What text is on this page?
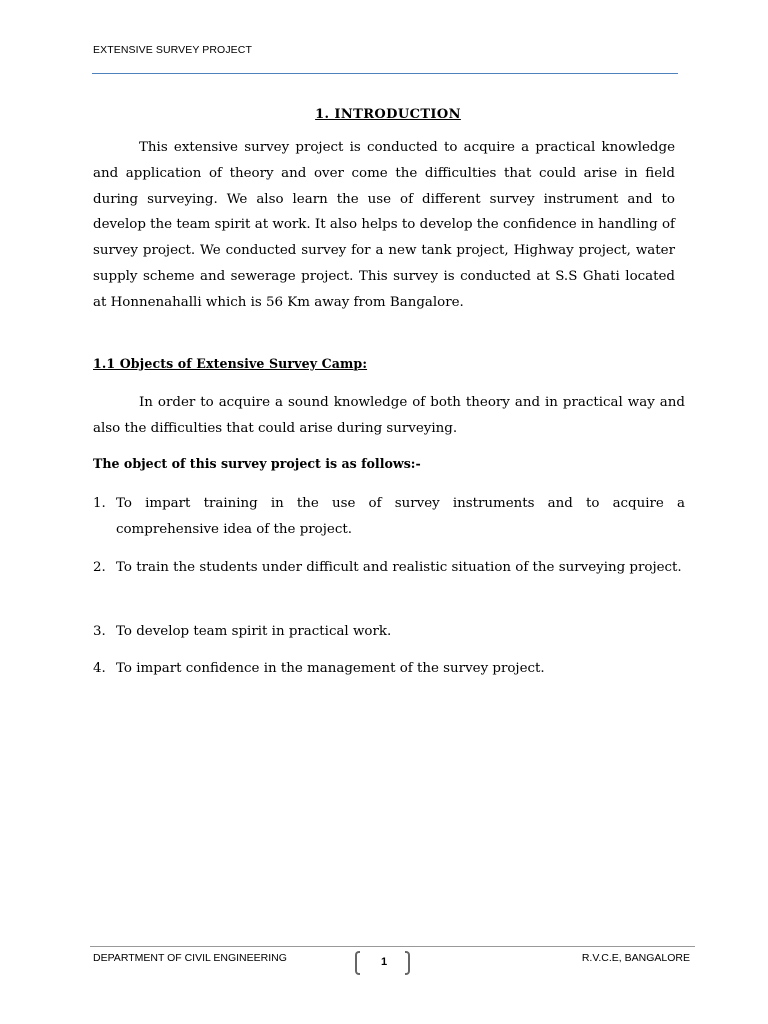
EXTENSIVE SURVEY PROJECT
1. INTRODUCTION
This extensive survey project is conducted to acquire a practical knowledge and application of theory and over come the difficulties that could arise in field during surveying. We also learn the use of different survey instrument and to develop the team spirit at work. It also helps to develop the confidence in handling of survey project. We conducted survey for a new tank project, Highway project, water supply scheme and sewerage project. This survey is conducted at S.S Ghati located at Honnenahalli which is 56 Km away from Bangalore.
1.1 Objects of Extensive Survey Camp:
In order to acquire a sound knowledge of both theory and in practical way and also the difficulties that could arise during surveying.
The object of this survey project is as follows:-
1. To impart training in the use of survey instruments and to acquire a comprehensive idea of the project.
2. To train the students under difficult and realistic situation of the surveying project.
3. To develop team spirit in practical work.
4. To impart confidence in the management of the survey project.
DEPARTMENT OF CIVIL ENGINEERING	1	R.V.C.E, BANGALORE
